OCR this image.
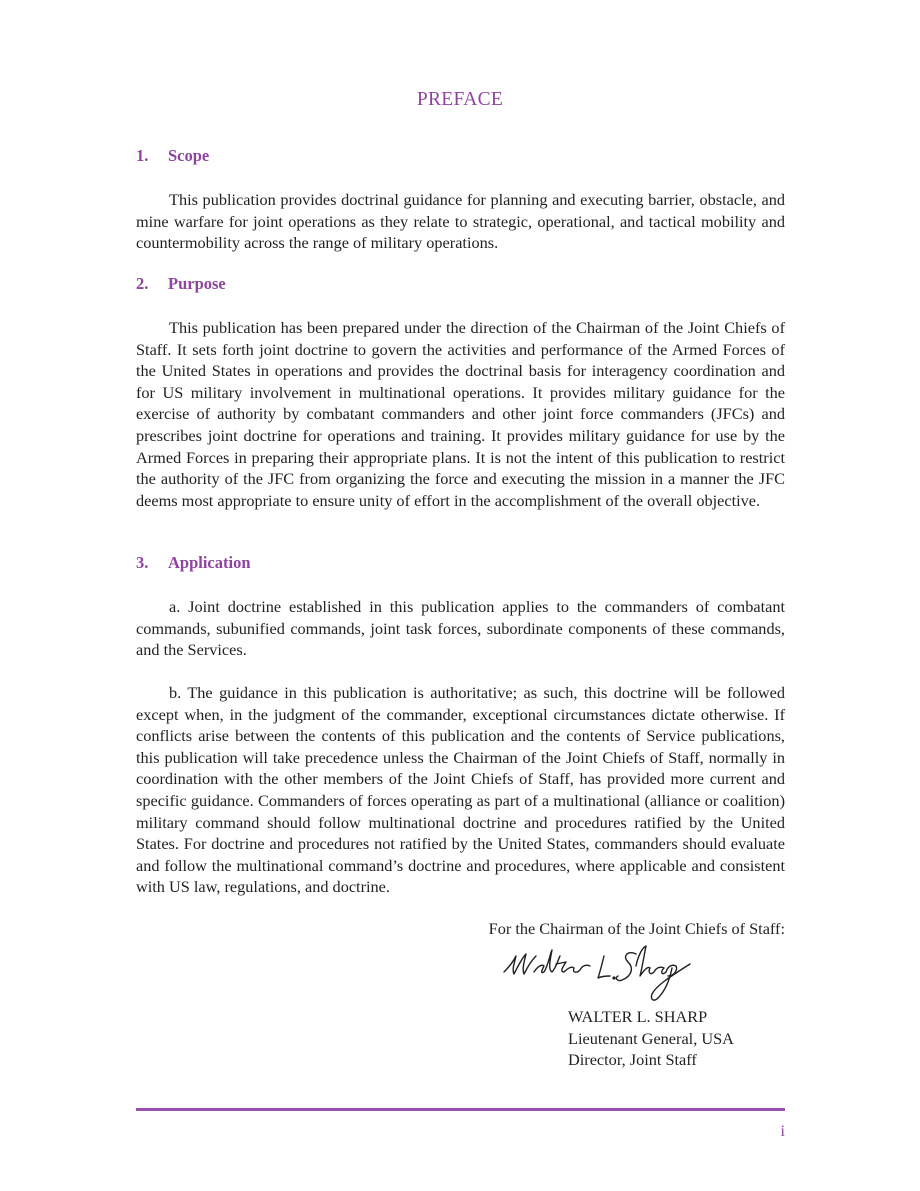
PREFACE
1. Scope

This publication provides doctrinal guidance for planning and executing barrier, obstacle, and mine warfare for joint operations as they relate to strategic, operational, and tactical mobility and countermobility across the range of military operations.

2. Purpose

This publication has been prepared under the direction of the Chairman of the Joint Chiefs of Staff. It sets forth joint doctrine to govern the activities and performance of the Armed Forces of the United States in operations and provides the doctrinal basis for interagency coordination and for US military involvement in multinational operations. It provides military guidance for the exercise of authority by combatant commanders and other joint force commanders (JFCs) and prescribes joint doctrine for operations and training. It provides military guidance for use by the Armed Forces in preparing their appropriate plans. It is not the intent of this publication to restrict the authority of the JFC from organizing the force and executing the mission in a manner the JFC deems most appropriate to ensure unity of effort in the accomplishment of the overall objective.

3. Application

a. Joint doctrine established in this publication applies to the commanders of combatant commands, subunified commands, joint task forces, subordinate components of these commands, and the Services.

b. The guidance in this publication is authoritative; as such, this doctrine will be followed except when, in the judgment of the commander, exceptional circumstances dictate otherwise. If conflicts arise between the contents of this publication and the contents of Service publications, this publication will take precedence unless the Chairman of the Joint Chiefs of Staff, normally in coordination with the other members of the Joint Chiefs of Staff, has provided more current and specific guidance. Commanders of forces operating as part of a multinational (alliance or coalition) military command should follow multinational doctrine and procedures ratified by the United States. For doctrine and procedures not ratified by the United States, commanders should evaluate and follow the multinational command’s doctrine and procedures, where applicable and consistent with US law, regulations, and doctrine.

For the Chairman of the Joint Chiefs of Staff:
WALTER L. SHARP
Lieutenant General, USA
Director, Joint Staff
i
